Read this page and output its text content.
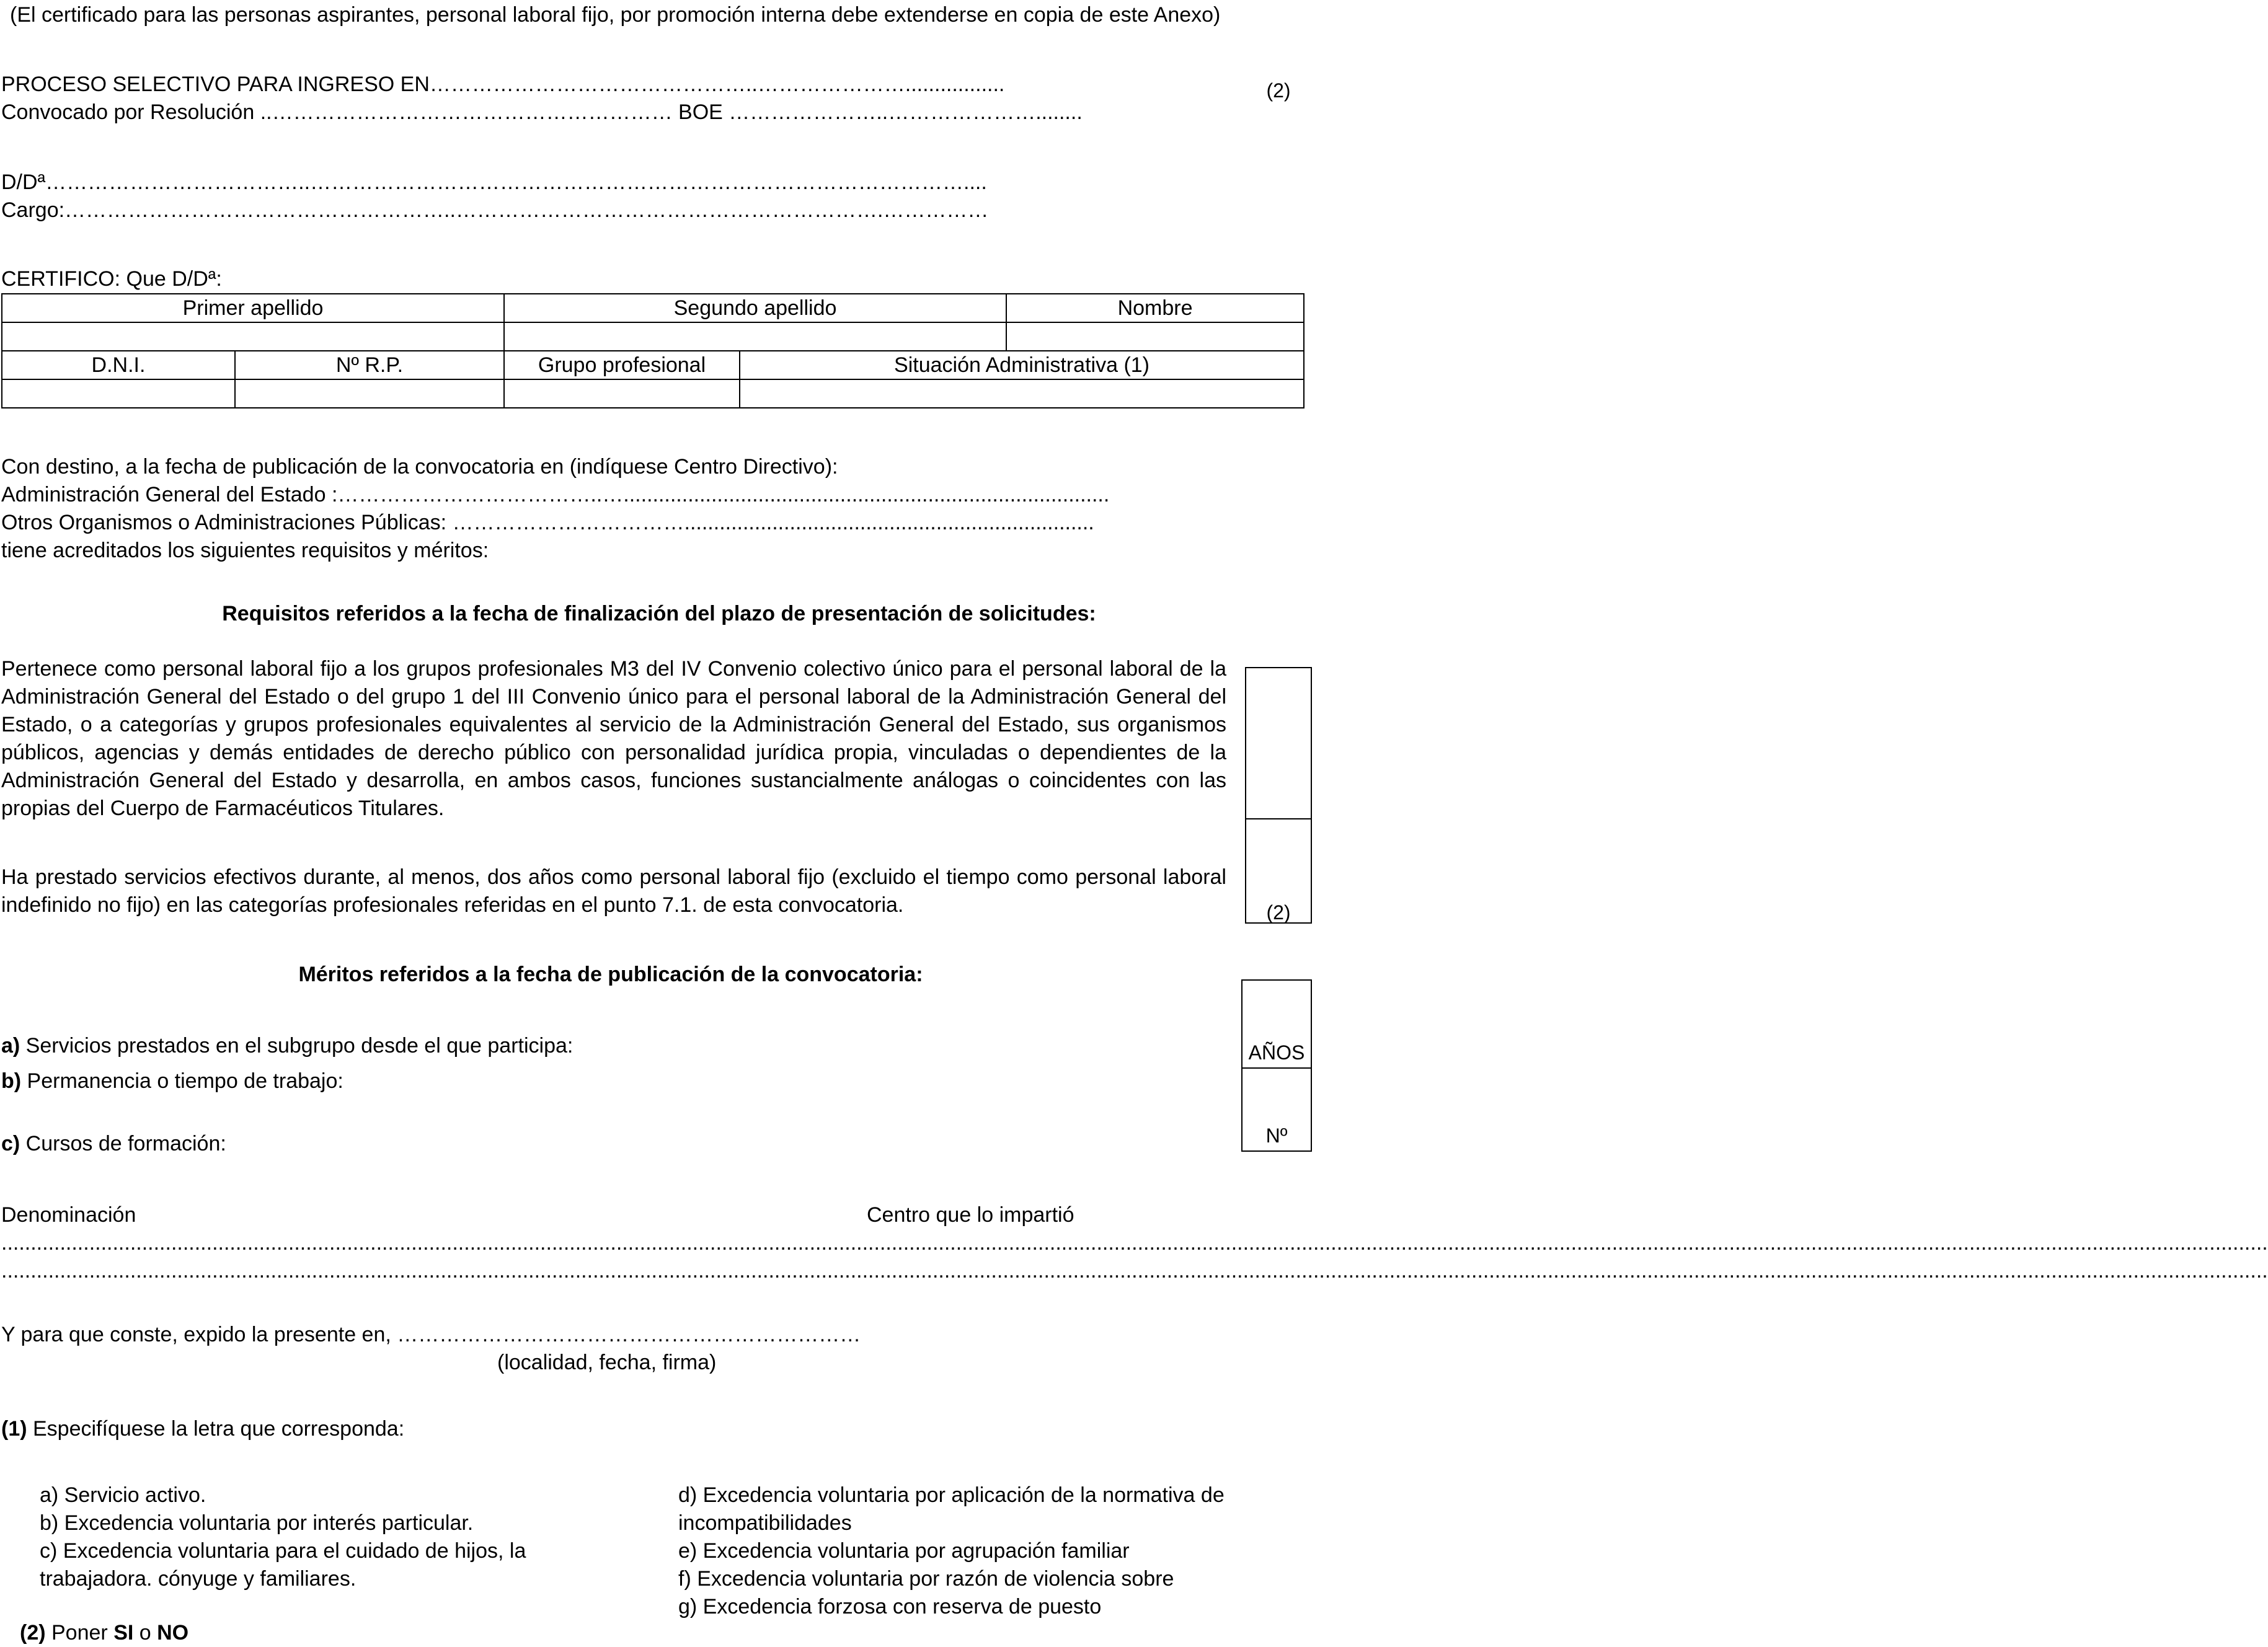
(El certificado para las personas aspirantes, personal laboral fijo, por promoción interna debe extenderse en copia de este Anexo)
PROCESO SELECTIVO PARA INGRESO EN………………………………………..………………….................
Convocado por Resolución ..………………………………………………… BOE …………………..…………………........
D/Dª………………………………..…………………………………………………………………………………....
Cargo:………………………………………………..…………………………………………………….……………
CERTIFICO: Que D/Dª:
Primer apellido		Segundo apellido		Nombre

D.N.I.	Nº R.P.	Grupo profesional	Situación Administrativa (1)	

Con destino, a la fecha de publicación de la convocatoria en (indíquese Centro Directivo):
Administración General del Estado :………………………………..…...................................................................................
Otros Organismos o Administraciones Públicas: ……………………………......................................................................
tiene acreditados los siguientes requisitos y méritos:
Requisitos referidos a la fecha de finalización del plazo de presentación de solicitudes:
Pertenece como personal laboral fijo a los grupos profesionales M3 del IV Convenio colectivo único para el personal laboral de la Administración General del Estado o del grupo 1 del III Convenio único para el personal laboral de la Administración General del Estado, o a categorías y grupos profesionales equivalentes al servicio de la Administración General del Estado, sus organismos públicos, agencias y demás entidades de derecho público con personalidad jurídica propia, vinculadas o dependientes de la Administración General del Estado y desarrolla, en ambos casos, funciones sustancialmente análogas o coincidentes con las propias del Cuerpo de Farmacéuticos Titulares.
Ha prestado servicios efectivos durante, al menos, dos años como personal laboral fijo (excluido el tiempo como personal laboral indefinido no fijo) en las categorías profesionales referidas en el punto 7.1. de esta convocatoria.
(2)
(2)
Méritos referidos a la fecha de publicación de la convocatoria:
a) Servicios prestados en el subgrupo desde el que participa:
b) Permanencia o tiempo de trabajo:
c) Cursos de formación:
AÑOS
Nº
Denominación	Centro que lo impartió
...................................................................................................................................................................................................................................................................................................................................................................................................
...................................................................................................................................................................................................................................................................................................................................................................................................
Y para que conste, expido la presente en, …………………………………………………………
(localidad, fecha, firma)
(1) Especifíquese la letra que corresponda:
a) Servicio activo.
b) Excedencia voluntaria por interés particular.
c) Excedencia voluntaria para el cuidado de hijos, la
trabajadora. cónyuge y familiares.
d) Excedencia voluntaria por aplicación de la normativa de
incompatibilidades
e) Excedencia voluntaria por agrupación familiar
f) Excedencia voluntaria por razón de violencia sobre
g) Excedencia forzosa con reserva de puesto
(2) Poner SI o NO
